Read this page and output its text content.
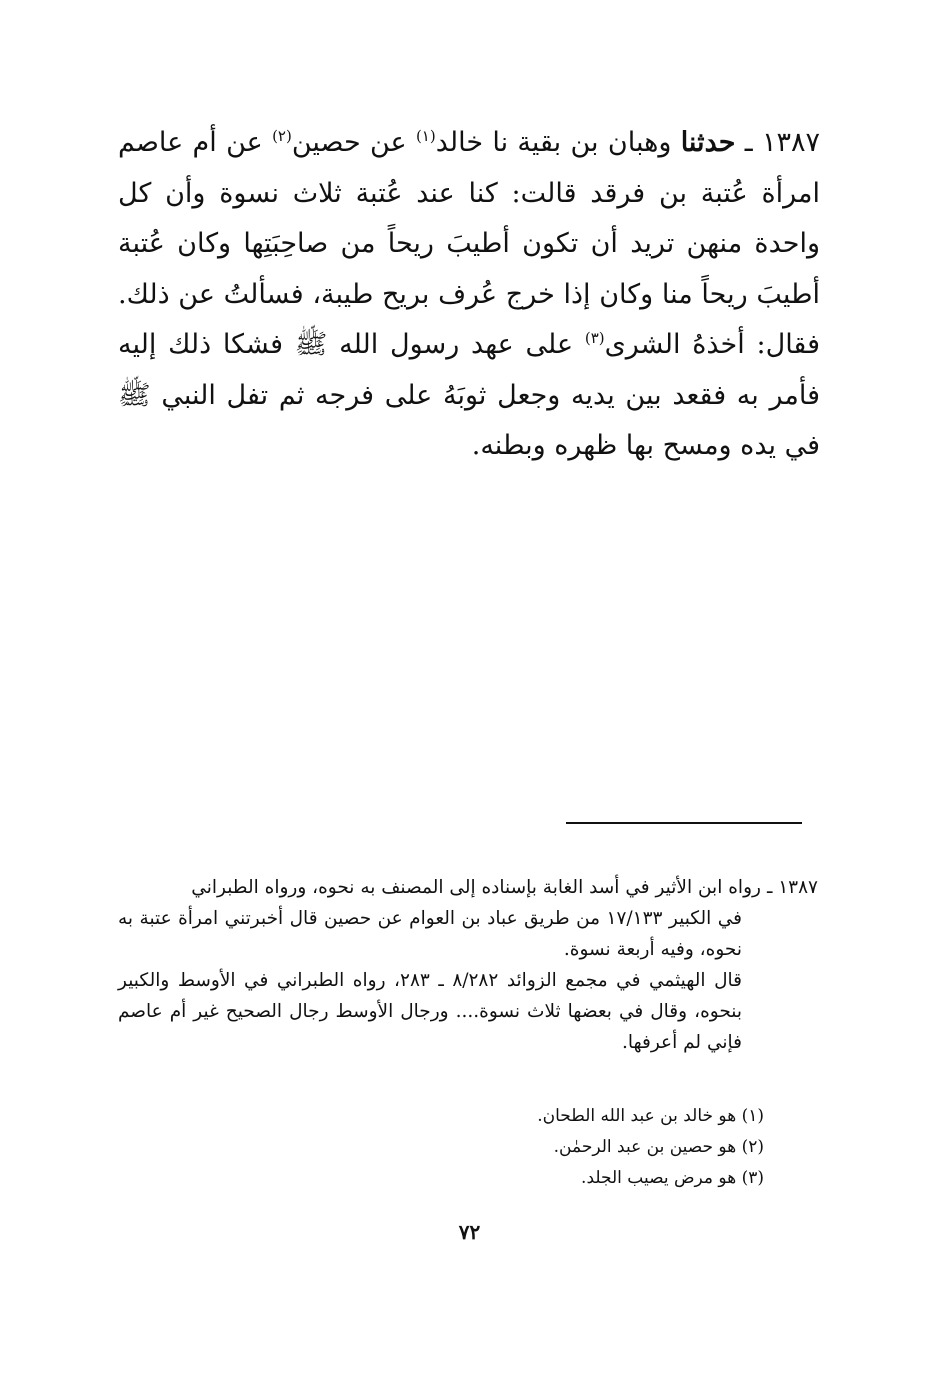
١٣٨٧ ـ حدثنا وهبان بن بقية نا خالد$^{(١)}$ عن حصين$^{(٢)}$ عن أم عاصم امرأة عُتبة بن فرقد قالت: كنا عند عُتبة ثلاث نسوة وأن كل واحدة منهن تريد أن تكون أطيبَ ريحاً من صاحِبَتِها وكان عُتبة أطيبَ ريحاً منا وكان إذا خرج عُرف بريح طيبة، فسألتُ عن ذلك. فقال: أخذهُ الشرى$^{(٣)}$ على عهد رسول الله ﷺ فشكا ذلك إليه فأمر به فقعد بين يديه وجعل ثوبَهُ على فرجه ثم تفل النبي ﷺ في يده ومسح بها ظهره وبطنه.
١٣٨٧ ـ
رواه ابن الأثير في أسد الغابة بإسناده إلى المصنف به نحوه، ورواه الطبراني
في الكبير ١٧/١٣٣ من طريق عباد بن العوام عن حصين قال أخبرتني امرأة عتبة به نحوه، وفيه أربعة نسوة.
قال الهيثمي في مجمع الزوائد ٨/٢٨٢ ـ ٢٨٣، رواه الطبراني في الأوسط والكبير بنحوه، وقال في بعضها ثلاث نسوة.... ورجال الأوسط رجال الصحيح غير أم عاصم فإني لم أعرفها.
(١) هو خالد بن عبد الله الطحان.
(٢) هو حصين بن عبد الرحمٰن.
(٣) هو مرض يصيب الجلد.
٧٢
